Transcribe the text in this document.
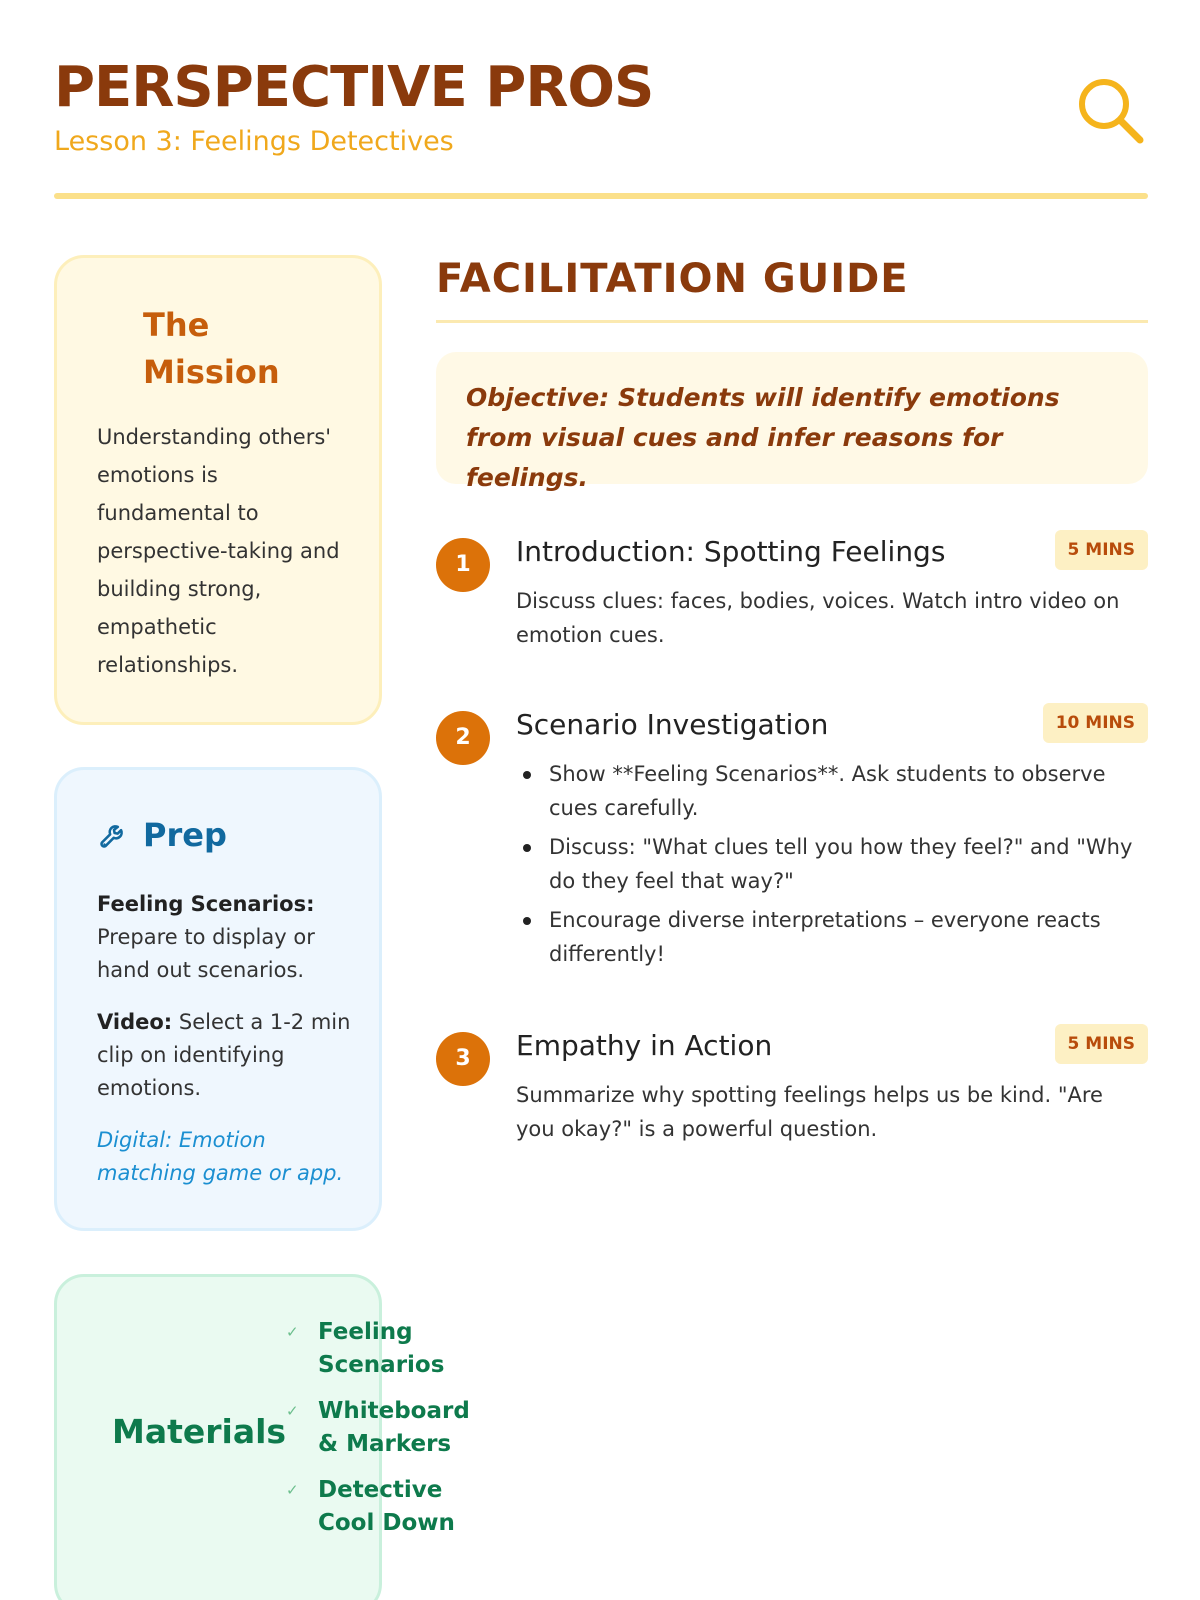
PERSPECTIVE PROS
Lesson 3: Feelings Detectives
The Mission
Understanding others' emotions is fundamental to perspective-taking and building strong, empathetic relationships.
Prep

Feeling Scenarios: Prepare to display or hand out scenarios.

Video: Select a 1-2 min clip on identifying emotions.

Digital: Emotion matching game or app.

Materials
✓ Feeling Scenarios
✓ Whiteboard & Markers
✓ Detective Cool Down
FACILITATION GUIDE
Objective: Students will identify emotions from visual cues and infer reasons for feelings.
1	Introduction: Spotting Feelings	5 MINS
Discuss clues: faces, bodies, voices. Watch intro video on emotion cues.
2	Scenario Investigation	10 MINS
Show **Feeling Scenarios**. Ask students to observe cues carefully.
Discuss: "What clues tell you how they feel?" and "Why do they feel that way?"
Encourage diverse interpretations – everyone reacts differently!
3	Empathy in Action	5 MINS
Summarize why spotting feelings helps us be kind. "Are you okay?" is a powerful question.
